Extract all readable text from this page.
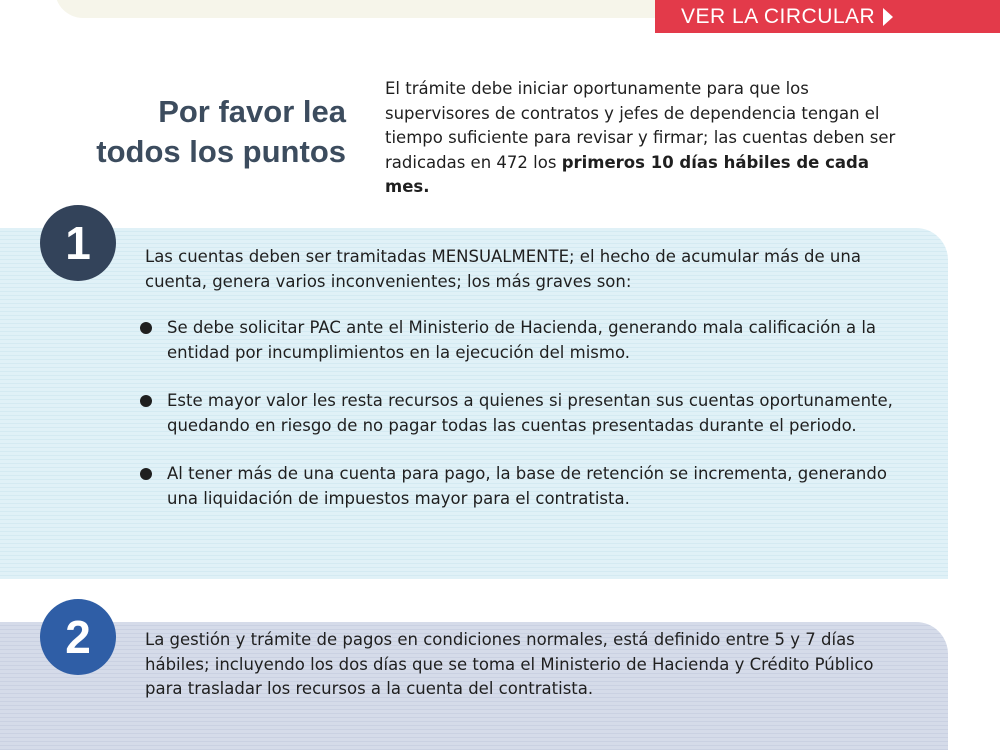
VER LA CIRCULAR
Por favor lea
todos los puntos

El trámite debe iniciar oportunamente para que los supervisores de contratos y jefes de dependencia tengan el tiempo suficiente para revisar y firmar; las cuentas deben ser radicadas en 472 los primeros 10 días hábiles de cada mes.

1	Las cuentas deben ser tramitadas MENSUALMENTE; el hecho de acumular más de una cuenta, genera varios inconvenientes; los más graves son:

Se debe solicitar PAC ante el Ministerio de Hacienda, generando mala calificación a la entidad por incumplimientos en la ejecución del mismo.
Este mayor valor les resta recursos a quienes si presentan sus cuentas oportunamente, quedando en riesgo de no pagar todas las cuentas presentadas durante el periodo.
Al tener más de una cuenta para pago, la base de retención se incrementa, generando una liquidación de impuestos mayor para el contratista.
2	La gestión y trámite de pagos en condiciones normales, está definido entre 5 y 7 días hábiles; incluyendo los dos días que se toma el Ministerio de Hacienda y Crédito Público para trasladar los recursos a la cuenta del contratista.
